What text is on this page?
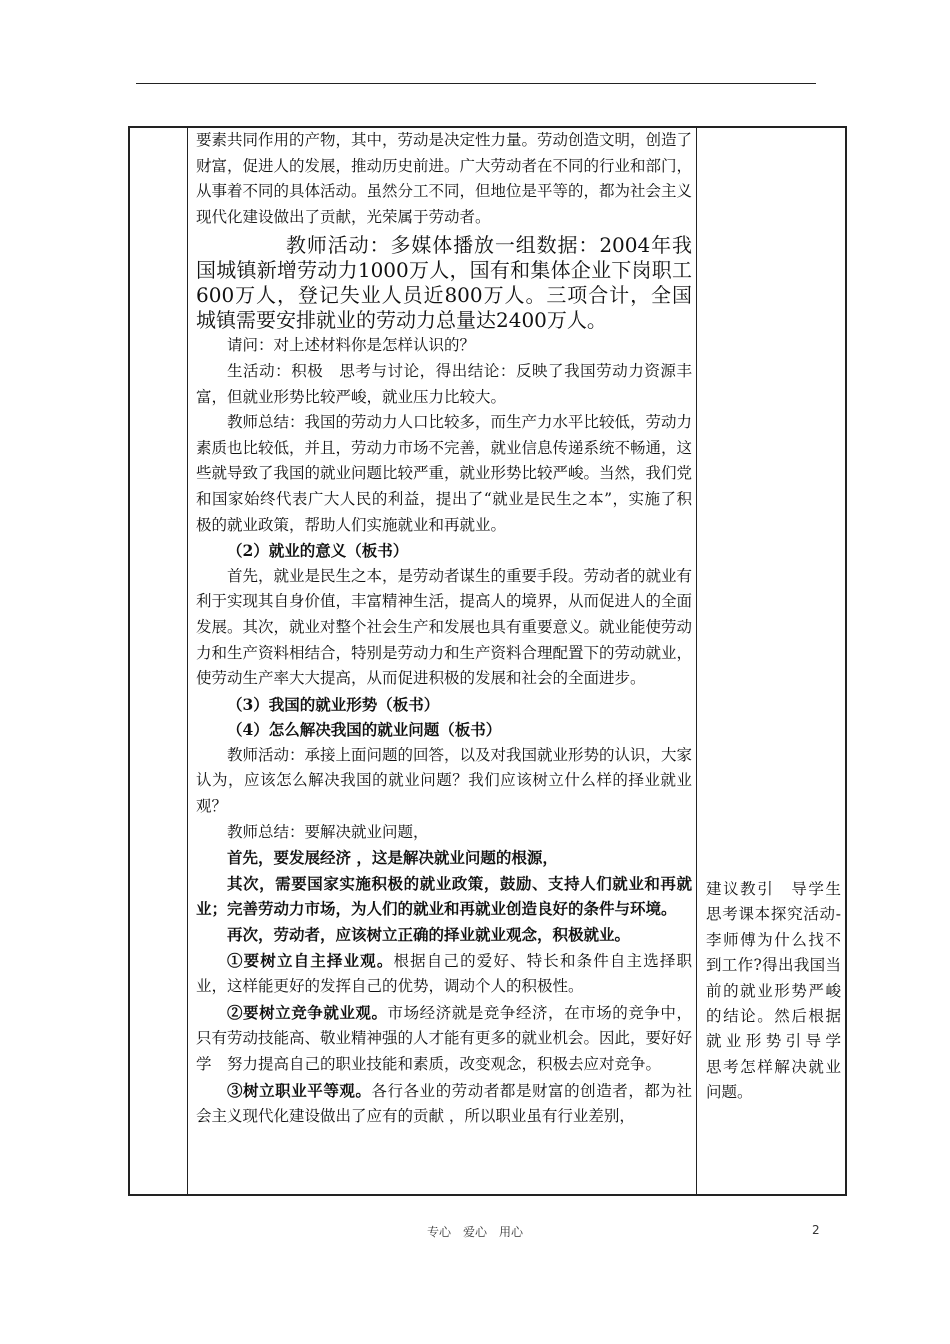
要素共同作用的产物，其中，劳动是决定性力量。劳动创造文明，创造了财富，促进人的发展，推动历史前进。广大劳动者在不同的行业和部门，从事着不同的具体活动。虽然分工不同，但地位是平等的，都为社会主义现代化建设做出了贡献，光荣属于劳动者。

教师活动：多媒体播放一组数据：2004年我国城镇新增劳动力1000万人，国有和集体企业下岗职工600万人，登记失业人员近800万人。三项合计，全国城镇需要安排就业的劳动力总量达2400万人。

请问：对上述材料你是怎样认识的？

生活动：积极　思考与讨论，得出结论：反映了我国劳动力资源丰富，但就业形势比较严峻，就业压力比较大。

教师总结：我国的劳动力人口比较多，而生产力水平比较低，劳动力素质也比较低，并且，劳动力市场不完善，就业信息传递系统不畅通，这些就导致了我国的就业问题比较严重，就业形势比较严峻。当然，我们党和国家始终代表广大人民的利益，提出了“就业是民生之本”，实施了积极的就业政策，帮助人们实施就业和再就业。

（2）就业的意义（板书）

首先，就业是民生之本，是劳动者谋生的重要手段。劳动者的就业有利于实现其自身价值，丰富精神生活，提高人的境界，从而促进人的全面发展。其次，就业对整个社会生产和发展也具有重要意义。就业能使劳动力和生产资料相结合，特别是劳动力和生产资料合理配置下的劳动就业，使劳动生产率大大提高，从而促进积极的发展和社会的全面进步。

（3）我国的就业形势（板书）

（4）怎么解决我国的就业问题（板书）

教师活动：承接上面问题的回答，以及对我国就业形势的认识，大家认为，应该怎么解决我国的就业问题？我们应该树立什么样的择业就业观？

教师总结：要解决就业问题，

首先，要发展经济 ，这是解决就业问题的根源，

其次，需要国家实施积极的就业政策，鼓励、支持人们就业和再就业；完善劳动力市场，为人们的就业和再就业创造良好的条件与环境。

再次，劳动者，应该树立正确的择业就业观念，积极就业。

①要树立自主择业观。根据自己的爱好、特长和条件自主选择职业，这样能更好的发挥自己的优势，调动个人的积极性。

②要树立竞争就业观。市场经济就是竞争经济，在市场的竞争中，只有劳动技能高、敬业精神强的人才能有更多的就业机会。因此，要好好学　努力提高自己的职业技能和素质，改变观念，积极去应对竞争。

③树立职业平等观。各行各业的劳动者都是财富的创造者，都为社会主义现代化建设做出了应有的贡献 ，所以职业虽有行业差别，

建议教引　导学生思考课本探究活动-李师傅为什么找不到工作?得出我国当前的就业形势严峻的结论。然后根据就业形势引导学　思考怎样解决就业问题。
专心　爱心　用心	2
